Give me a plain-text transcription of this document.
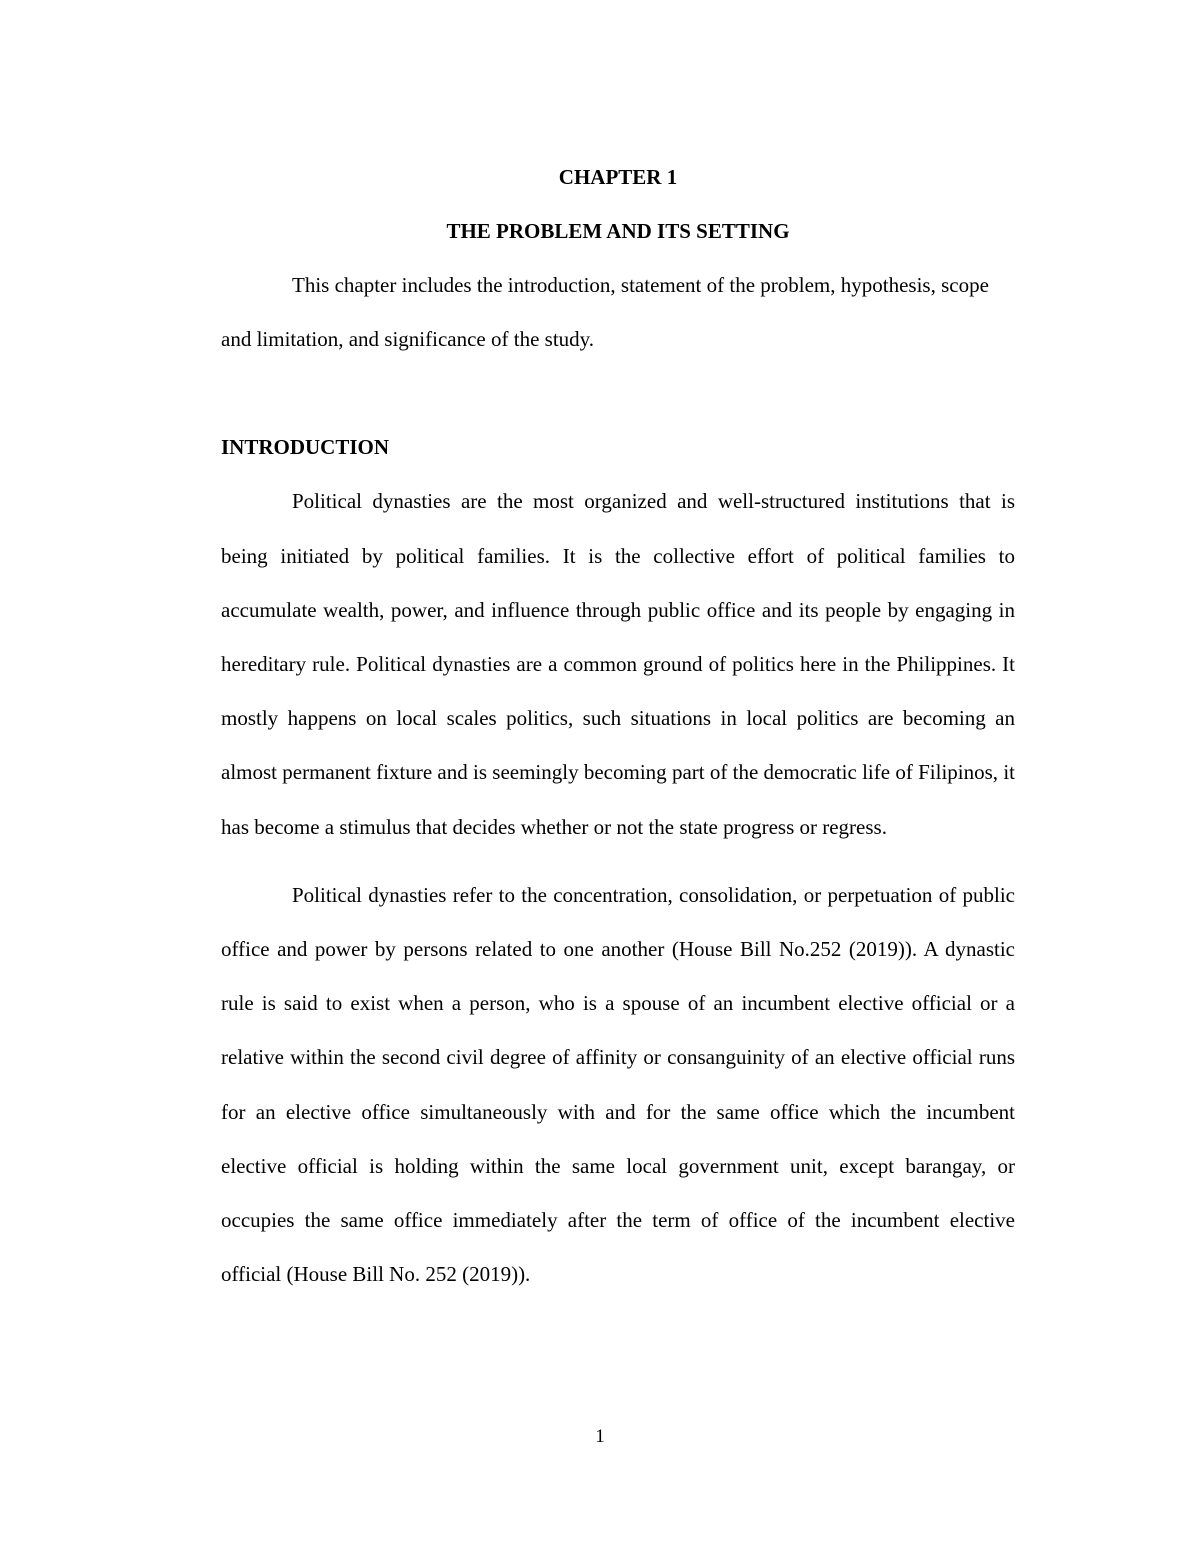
CHAPTER 1

THE PROBLEM AND ITS SETTING

This chapter includes the introduction, statement of the problem, hypothesis, scope and limitation, and significance of the study.

INTRODUCTION

Political dynasties are the most organized and well-structured institutions that is being initiated by political families. It is the collective effort of political families to accumulate wealth, power, and influence through public office and its people by engaging in hereditary rule. Political dynasties are a common ground of politics here in the Philippines. It mostly happens on local scales politics, such situations in local politics are becoming an almost permanent fixture and is seemingly becoming part of the democratic life of Filipinos, it has become a stimulus that decides whether or not the state progress or regress.

Political dynasties refer to the concentration, consolidation, or perpetuation of public office and power by persons related to one another (House Bill No.252 (2019)). A dynastic rule is said to exist when a person, who is a spouse of an incumbent elective official or a relative within the second civil degree of affinity or consanguinity of an elective official runs for an elective office simultaneously with and for the same office which the incumbent elective official is holding within the same local government unit, except barangay, or occupies the same office immediately after the term of office of the incumbent elective official (House Bill No. 252 (2019)).

1
